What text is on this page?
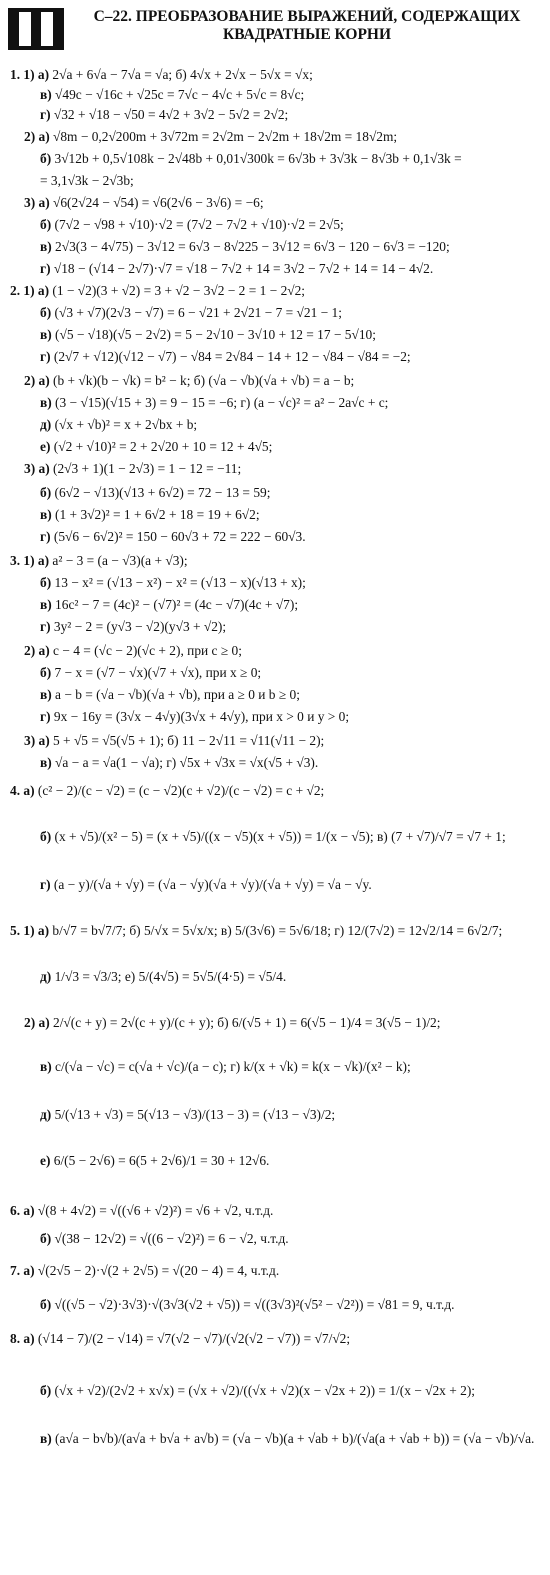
С–22. ПРЕОБРАЗОВАНИЕ ВЫРАЖЕНИЙ, СОДЕРЖАЩИХ
КВАДРАТНЫЕ КОРНИ
1. 1) а) 2√a + 6√a − 7√a = √a; б) 4√x + 2√x − 5√x = √x;
в) √49c − √16c + √25c = 7√c − 4√c + 5√c = 8√c;
г) √32 + √18 − √50 = 4√2 + 3√2 − 5√2 = 2√2;
2) а) √8m − 0,2√200m + 3√72m = 2√2m − 2√2m + 18√2m = 18√2m;
б) 3√12b + 0,5√108k − 2√48b + 0,01√300k = 6√3b + 3√3k − 8√3b + 0,1√3k =
= 3,1√3k − 2√3b;
3) а) √6(2√24 − √54) = √6(2√6 − 3√6) = −6;
б) (7√2 − √98 + √10)·√2 = (7√2 − 7√2 + √10)·√2 = 2√5;
в) 2√3(3 − 4√75) − 3√12 = 6√3 − 8√225 − 3√12 = 6√3 − 120 − 6√3 = −120;
г) √18 − (√14 − 2√7)·√7 = √18 − 7√2 + 14 = 3√2 − 7√2 + 14 = 14 − 4√2.
2. 1) а) (1 − √2)(3 + √2) = 3 + √2 − 3√2 − 2 = 1 − 2√2;
б) (√3 + √7)(2√3 − √7) = 6 − √21 + 2√21 − 7 = √21 − 1;
в) (√5 − √18)(√5 − 2√2) = 5 − 2√10 − 3√10 + 12 = 17 − 5√10;
г) (2√7 + √12)(√12 − √7) − √84 = 2√84 − 14 + 12 − √84 − √84 = −2;
2) а) (b + √k)(b − √k) = b² − k; б) (√a − √b)(√a + √b) = a − b;
в) (3 − √15)(√15 + 3) = 9 − 15 = −6; г) (a − √c)² = a² − 2a√c + c;
д) (√x + √b)² = x + 2√bx + b;
е) (√2 + √10)² = 2 + 2√20 + 10 = 12 + 4√5;
3) а) (2√3 + 1)(1 − 2√3) = 1 − 12 = −11;
б) (6√2 − √13)(√13 + 6√2) = 72 − 13 = 59;
в) (1 + 3√2)² = 1 + 6√2 + 18 = 19 + 6√2;
г) (5√6 − 6√2)² = 150 − 60√3 + 72 = 222 − 60√3.
3. 1) а) a² − 3 = (a − √3)(a + √3);
б) 13 − x² = (√13 − x²) − x² = (√13 − x)(√13 + x);
в) 16c² − 7 = (4c)² − (√7)² = (4c − √7)(4c + √7);
г) 3y² − 2 = (y√3 − √2)(y√3 + √2);
2) а) c − 4 = (√c − 2)(√c + 2), при c ≥ 0;
б) 7 − x = (√7 − √x)(√7 + √x), при x ≥ 0;
в) a − b = (√a − √b)(√a + √b), при a ≥ 0 и b ≥ 0;
г) 9x − 16y = (3√x − 4√y)(3√x + 4√y), при x > 0 и y > 0;
3) а) 5 + √5 = √5(√5 + 1); б) 11 − 2√11 = √11(√11 − 2);
в) √a − a = √a(1 − √a); г) √5x + √3x = √x(√5 + √3).
4. а) (c² − 2)/(c − √2) = (c − √2)(c + √2)/(c − √2) = c + √2;
б) (x + √5)/(x² − 5) = (x + √5)/((x − √5)(x + √5)) = 1/(x − √5); в) (7 + √7)/√7 = √7 + 1;
г) (a − y)/(√a + √y) = (√a − √y)(√a + √y)/(√a + √y) = √a − √y.
5. 1) а) b/√7 = b√7/7; б) 5/√x = 5√x/x; в) 5/(3√6) = 5√6/18; г) 12/(7√2) = 12√2/14 = 6√2/7;
д) 1/√3 = √3/3; е) 5/(4√5) = 5√5/(4·5) = √5/4.
2) а) 2/√(c + y) = 2√(c + y)/(c + y); б) 6/(√5 + 1) = 6(√5 − 1)/4 = 3(√5 − 1)/2;
в) c/(√a − √c) = c(√a + √c)/(a − c); г) k/(x + √k) = k(x − √k)/(x² − k);
д) 5/(√13 + √3) = 5(√13 − √3)/(13 − 3) = (√13 − √3)/2;
е) 6/(5 − 2√6) = 6(5 + 2√6)/1 = 30 + 12√6.
6. а) √(8 + 4√2) = √((√6 + √2)²) = √6 + √2, ч.т.д.
б) √(38 − 12√2) = √((6 − √2)²) = 6 − √2, ч.т.д.
7. а) √(2√5 − 2)·√(2 + 2√5) = √(20 − 4) = 4, ч.т.д.
б) √((√5 − √2)·3√3)·√(3√3(√2 + √5)) = √((3√3)²(√5² − √2²)) = √81 = 9, ч.т.д.
8. а) (√14 − 7)/(2 − √14) = √7(√2 − √7)/(√2(√2 − √7)) = √7/√2;
б) (√x + √2)/(2√2 + x√x) = (√x + √2)/((√x + √2)(x − √2x + 2)) = 1/(x − √2x + 2);
в) (a√a − b√b)/(a√a + b√a + a√b) = (√a − √b)(a + √ab + b)/(√a(a + √ab + b)) = (√a − √b)/√a.
